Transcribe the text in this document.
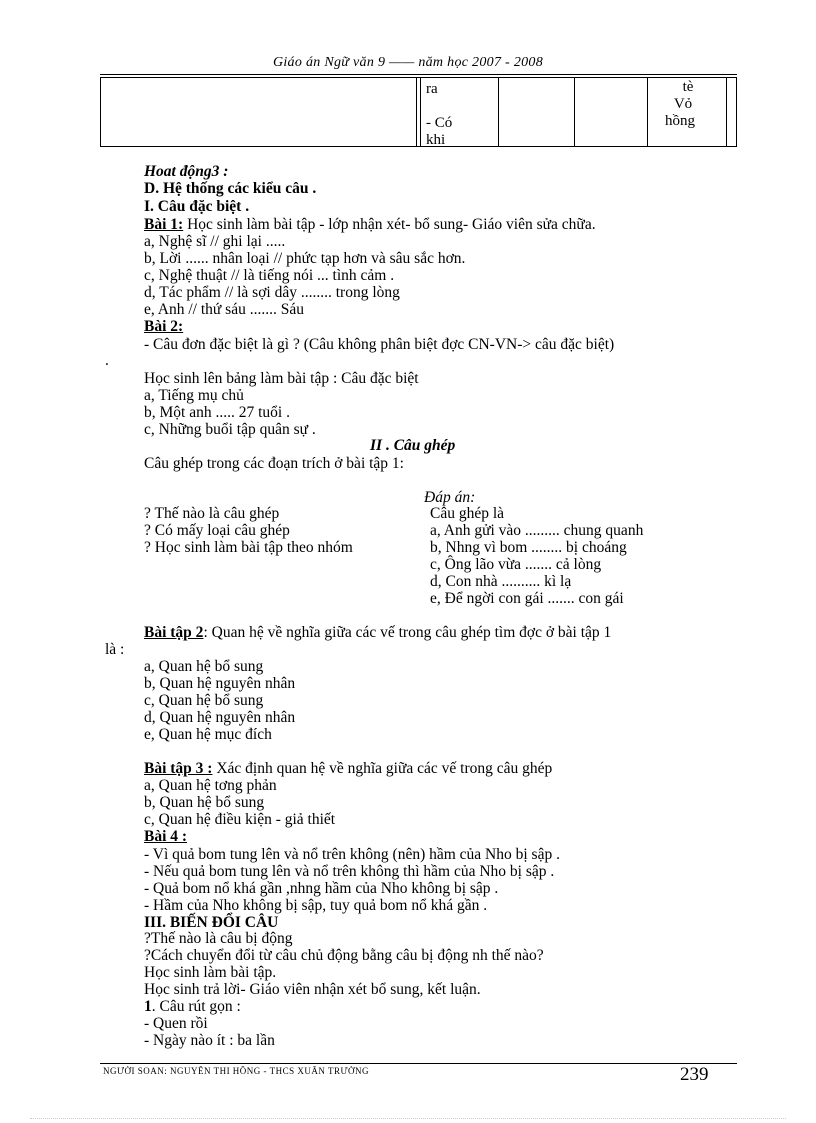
Giáo án Ngữ văn 9 —— năm học 2007 - 2008
ra
- Có
khi
tè
Vỏ
hồng
Hoat động3 :
D. Hệ thống các kiểu câu .
I. Câu đặc biệt .
Bài 1: Học sinh làm bài tập - lớp nhận xét- bổ sung- Giáo viên sửa chữa.
a, Nghệ sĩ // ghi lại .....
b, Lời ...... nhân loại // phức tạp hơn và sâu sắc hơn.
c, Nghệ thuật // là tiếng nói ... tình cảm .
d, Tác phẩm // là sợi dây ........ trong lòng
e, Anh // thứ sáu ....... Sáu
Bài 2:
- Câu đơn đặc biệt là gì ? (Câu không phân biệt đợc CN-VN-> câu đặc biệt)
.
Học sinh lên bảng làm bài tập : Câu đặc biệt
a, Tiếng mụ chủ
b, Một anh ..... 27 tuổi .
c, Những buổi tập quân sự .
II . Câu ghép
Câu ghép trong các đoạn trích ở bài tập 1:
Đáp án:
? Thế nào là câu ghép
? Có mấy loại câu ghép
? Học sinh làm bài tập theo nhóm
Câu ghép là
a, Anh gửi vào ......... chung quanh
b, Nhng vì bom ........ bị choáng
c, Ông lão vừa ....... cả lòng
d, Con nhà .......... kì lạ
e, Để ngời con gái ....... con gái
Bài tập 2: Quan hệ về nghĩa giữa các vế trong câu ghép tìm đợc ở bài tập 1
là :
a, Quan hệ bổ sung
b, Quan hệ nguyên nhân
c, Quan hệ bổ sung
d, Quan hệ nguyên nhân
e, Quan hệ mục đích
Bài tập 3 : Xác định quan hệ về nghĩa giữa các vế trong câu ghép
a, Quan hệ tơng phản
b, Quan hệ bổ sung
c, Quan hệ điều kiện - giả thiết
Bài 4 :
- Vì quả bom tung lên và nổ trên không (nên) hầm của Nho bị sập .
- Nếu quả bom tung lên và nổ trên không thì hầm của Nho bị sập .
- Quả bom nổ khá gần ,nhng hầm của Nho không bị sập .
- Hầm của Nho không bị sập, tuy quả bom nổ khá gần .
III. BIẾN ĐỔI CÂU
?Thế nào là câu bị động
?Cách chuyển đổi từ câu chủ động bằng câu bị động nh thế nào?
Học sinh làm bài tập.
Học sinh trả lời- Giáo viên nhận xét bổ sung, kết luận.
1. Câu rút gọn :
- Quen rồi
- Ngày nào ít : ba lần
NGƯỜI SOẠN: NGUYỄN THỊ HỒNG - THCS XUÂN TRƯỜNG	239
